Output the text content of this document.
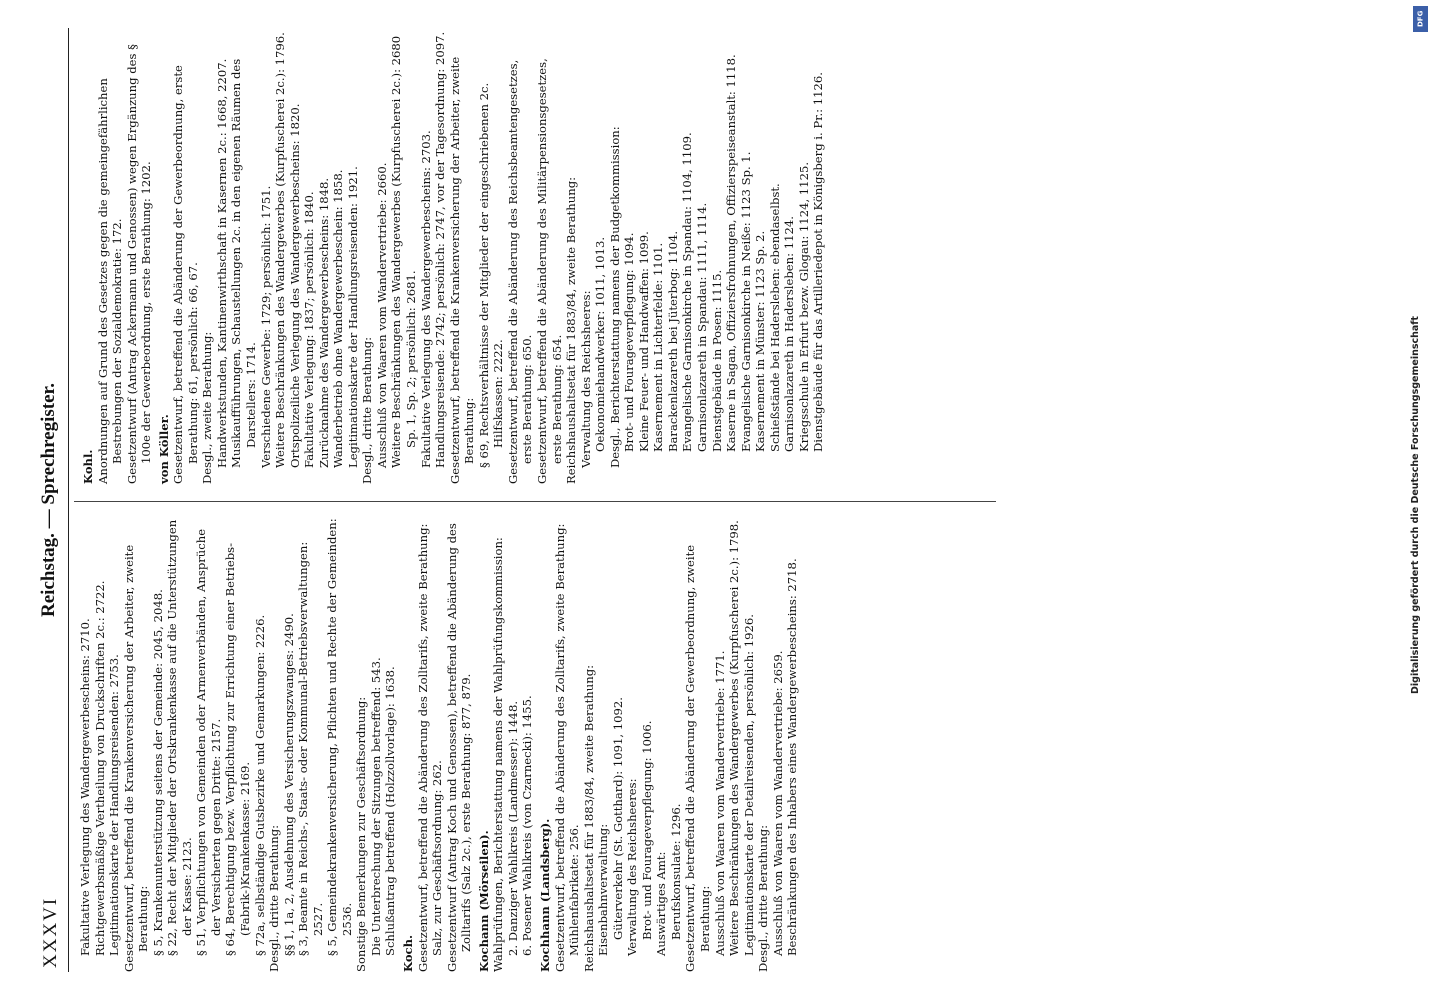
XXXVI
Reichstag. — Sprechregister.

Fakultative Verlegung des Wandergewerbescheins: 2710. Richtgewerbsmäßige Vertheilung von Druckschriften 2c.: 2722. Legitimationskarte der Handlungsreisenden: 2753. Gesetzentwurf, betreffend die Krankenversicherung der Arbeiter, zweite Berathung: § 5, Krankenunterstützung seitens der Gemeinde: 2045, 2048. § 22, Recht der Mitglieder der Ortskrankenkasse auf die Unterstützungen der Kasse: 2123. § 51, Verpflichtungen von Gemeinden oder Armenverbänden, Ansprüche der Versicherten gegen Dritte: 2157. § 64, Berechtigung bezw. Verpflichtung zur Errichtung einer Betriebs-(Fabrik-)Krankenkasse: 2169. § 72a, selbständige Gutsbezirke und Gemarkungen: 2226. Desgl., dritte Berathung: §§ 1, 1a, 2, Ausdehnung des Versicherungszwanges: 2490. § 3, Beamte in Reichs-, Staats- oder Kommunal-Betriebsverwaltungen: 2527. § 5, Gemeindekrankenversicherung, Pflichten und Rechte der Gemeinden: 2536. Sonstige Bemerkungen zur Geschäftsordnung: Die Unterbrechung der Sitzungen betreffend: 543. Schlußantrag betreffend (Holzzollvorlage): 1638. Koch. Gesetzentwurf, betreffend die Abänderung des Zolltarifs, zweite Berathung: Salz, zur Geschäftsordnung: 262. Gesetzentwurf (Antrag Koch und Genossen), betreffend die Abänderung des Zolltarifs (Salz 2c.), erste Berathung: 877, 879. Kochann (Mörseilen). Wahlprüfungen, Berichterstattung namens der Wahlprüfungskommission: 2. Danziger Wahlkreis (Landmesser): 1448. 6. Posener Wahlkreis (von Czarnecki): 1455. Kochhann (Landsberg). Gesetzentwurf, betreffend die Abänderung des Zolltarifs, zweite Berathung: Mühlenfabrikate: 256. Reichshaushaltsetat für 1883/84, zweite Berathung: Eisenbahnverwaltung: Güterverkehr (St. Gotthard): 1091, 1092. Verwaltung des Reichsheeres: Brot- und Fourageverpflegung: 1006. Auswärtiges Amt: Berufskonsulate: 1296. Gesetzentwurf, betreffend die Abänderung der Gewerbeordnung, zweite Berathung: Ausschluß von Waaren vom Wandervertriebe: 1771. Weitere Beschränkungen des Wandergewerbes (Kurpfuscherei 2c.): 1798. Legitimationskarte der Detailreisenden, persönlich: 1926. Desgl., dritte Berathung: Ausschluß von Waaren vom Wandervertriebe: 2659. Beschränkungen des Inhabers eines Wandergewerbescheins: 2718.

Kohl. Anordnungen auf Grund des Gesetzes gegen die gemeingefährlichen Bestrebungen der Sozialdemokratie: 172. Gesetzentwurf (Antrag Ackermann und Genossen) wegen Ergänzung des § 100e der Gewerbeordnung, erste Berathung: 1202. von Köller. Gesetzentwurf, betreffend die Abänderung der Gewerbeordnung, erste Berathung: 61, persönlich: 66, 67. Desgl., zweite Berathung: Handwerkstunden, Kantinenwirthschaft in Kasernen 2c.: 1668, 2207. Musikaufführungen, Schaustellungen 2c. in den eigenen Räumen des Darstellers: 1714. Verschiedene Gewerbe: 1729; persönlich: 1751. Weitere Beschränkungen des Wandergewerbes (Kurpfuscherei 2c.): 1796. Ortspolizeiliche Verlegung des Wandergewerbescheins: 1820. Fakultative Verlegung: 1837; persönlich: 1840. Zurücknahme des Wandergewerbescheins: 1848. Wanderbetrieb ohne Wandergewerbeschein: 1858. Legitimationskarte der Handlungsreisenden: 1921. Desgl., dritte Berathung: Ausschluß von Waaren vom Wandervertriebe: 2660. Weitere Beschränkungen des Wandergewerbes (Kurpfuscherei 2c.): 2680 Sp. 1, Sp. 2; persönlich: 2681. Fakultative Verlegung des Wandergewerbescheins: 2703. Handlungsreisende: 2742; persönlich: 2747, vor der Tagesordnung: 2097. Gesetzentwurf, betreffend die Krankenversicherung der Arbeiter, zweite Berathung: § 69, Rechtsverhältnisse der Mitglieder der eingeschriebenen 2c. Hilfskassen: 2222. Gesetzentwurf, betreffend die Abänderung des Reichsbeamtengesetzes, erste Berathung: 650. Gesetzentwurf, betreffend die Abänderung des Militärpensionsgesetzes, erste Berathung: 654. Reichshaushaltsetat für 1883/84, zweite Berathung: Verwaltung des Reichsheeres: Oekonomiehandwerker: 1011, 1013. Desgl., Berichterstattung namens der Budgetkommission: Brot- und Fourageverpflegung: 1094. Kleine Feuer- und Handwaffen: 1099. Kasernement in Lichterfelde: 1101. Barackenlazareth bei Jüterbog: 1104. Evangelische Garnisonkirche in Spandau: 1104, 1109. Garnisonlazareth in Spandau: 1111, 1114. Dienstgebäude in Posen: 1115. Kaserne in Sagan, Offiziersfrohnungen, Offizierspeiseanstalt: 1118. Evangelische Garnisonkirche in Neiße: 1123 Sp. 1. Kasernement in Münster: 1123 Sp. 2. Schießstände bei Hadersleben: ebendaselbst. Garnisonlazareth in Hadersleben: 1124. Kriegsschule in Erfurt bezw. Glogau: 1124, 1125. Dienstgebäude für das Artilleriedepot in Königsberg i. Pr.: 1126.

Digitalisierung gefördert durch die Deutsche Forschungsgemeinschaft
DFG
